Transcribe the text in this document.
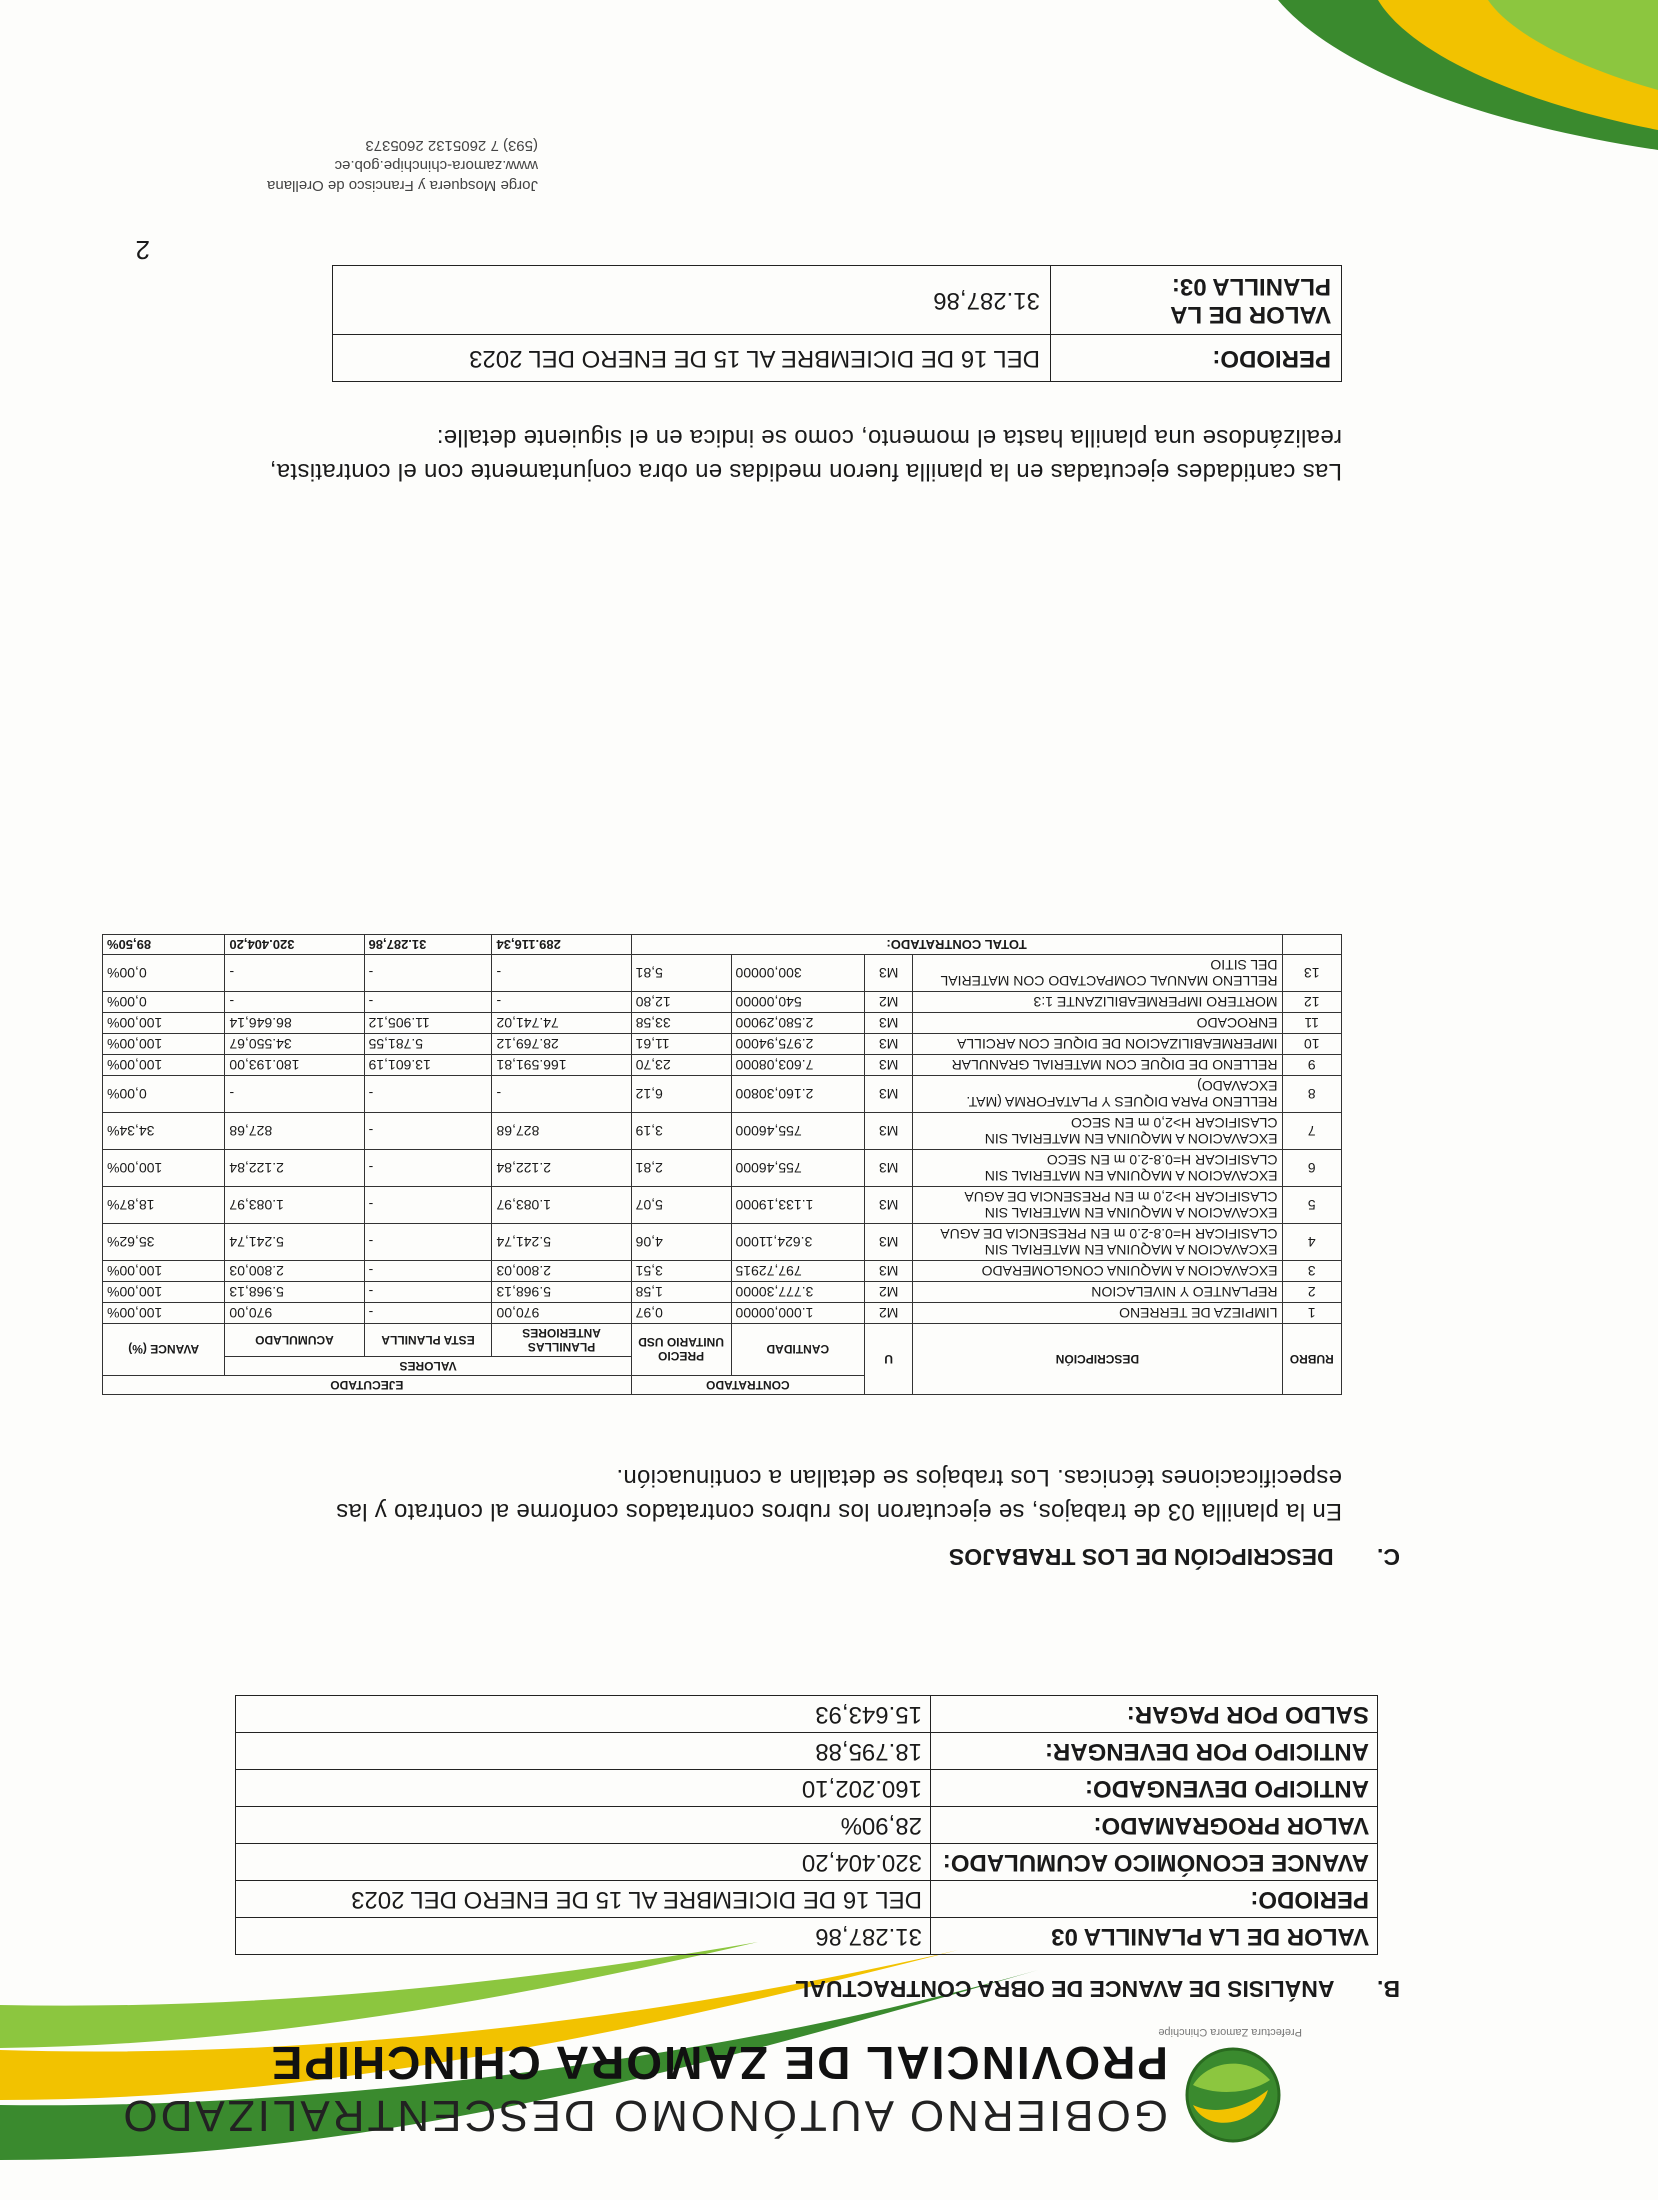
GOBIERNO AUTÓNOMO DESCENTRALIZADO
PROVINCIAL DE ZAMORA CHINCHIPE
Prefectura Zamora Chinchipe
B. ANÁLISIS DE AVANCE DE OBRA CONTRACTUAL
VALOR DE LA PLANILLA 03	31.287,86
PERIODO:	DEL 16 DE DICIEMBRE AL 15 DE ENERO DEL 2023
AVANCE ECONÓMICO ACUMULADO:	320.404,20
VALOR PROGRAMADO:	28,90%
ANTICIPO DEVENGADO:	160.202,10
ANTICIPO POR DEVENGAR:	18.795,88
SALDO POR PAGAR:	15.643,93
C. DESCRIPCIÓN DE LOS TRABAJOS
En la planilla 03 de trabajos, se ejecutaron los rubros contratados conforme al contrato y las especificaciones técnicas. Los trabajos se detallan a continuación.
RUBRO	DESCRIPCIÓN	U	CONTRATADO		EJECUTADO			
			CANTIDAD	PRECIO UNITARIO USD	VALORES			AVANCE (%)
					PLANILLAS ANTERIORES	ESTA PLANILLA	ACUMULADO	
1	LIMPIEZA DE TERRENO	M2	1.000,00000	0,97	970,00	-	970,00	100,00%
2	REPLANTEO Y NIVELACION	M2	3.777,30000	1,58	5.968,13	-	5.968,13	100,00%
3	EXCAVACION A MAQUINA CONGLOMERADO	M3	797,72915	3,51	2.800,03	-	2.800,03	100,00%
4	EXCAVACION A MAQUINA EN MATERIAL SIN CLASIFICAR H=0.8-2.0 m EN PRESENCIA DE AGUA	M3	3.624,11000	4,06	5.241,74	-	5.241,74	35,62%
5	EXCAVACION A MAQUINA EN MATERIAL SIN CLASIFICAR H>2,0 m EN PRESENCIA DE AGUA	M3	1.133,19000	5,07	1.083,97	-	1.083,97	18,87%
6	EXCAVACION A MAQUINA EN MATERIAL SIN CLASIFICAR H=0.8-2.0 m EN SECO	M3	755,46000	2,81	2.122,84	-	2.122,84	100,00%
7	EXCAVACION A MAQUINA EN MATERIAL SIN CLASIFICAR H>2,0 m EN SECO	M3	755,46000	3,19	827,68	-	827,68	34,34%
8	RELLENO PARA DIQUES Y PLATAFORMA (MAT. EXCAVADO)	M3	2.160,30800	6,12	-	-	-	0,00%
9	RELLENO DE DIQUE CON MATERIAL GRANULAR	M3	7.603,08000	23,70	166.591,81	13.601,19	180.193,00	100,00%
10	IMPERMEABILIZACION DE DIQUE CON ARCILLA	M3	2.975,94000	11,61	28.769,12	5.781,55	34.550,67	100,00%
11	ENROCADO	M3	2.580,29000	33,58	74.741,02	11.905,12	86.646,14	100,00%
12	MORTERO IMPERMEABILIZANTE 1:3	M2	540,00000	12,80	-	-	-	0,00%
13	RELLENO MANUAL COMPACTADO CON MATERIAL DEL SITIO	M3	300,00000	5,81	-	-	-	0,00%
	TOTAL CONTRATADO:				289.116,34	31.287,86	320.404,20	89,50%
Las cantidades ejecutadas en la planilla fueron medidas en obra conjuntamente con el contratista, realizándose una planilla hasta el momento, como se indica en el siguiente detalle:
PERIODO:	DEL 16 DE DICIEMBRE AL 15 DE ENERO DEL 2023
VALOR DE LA PLANILLA 03:	31.287,86
2
Jorge Mosquera y Francisco de Orellana
www.zamora-chinchipe.gob.ec
(593) 7 2605132 2605373
